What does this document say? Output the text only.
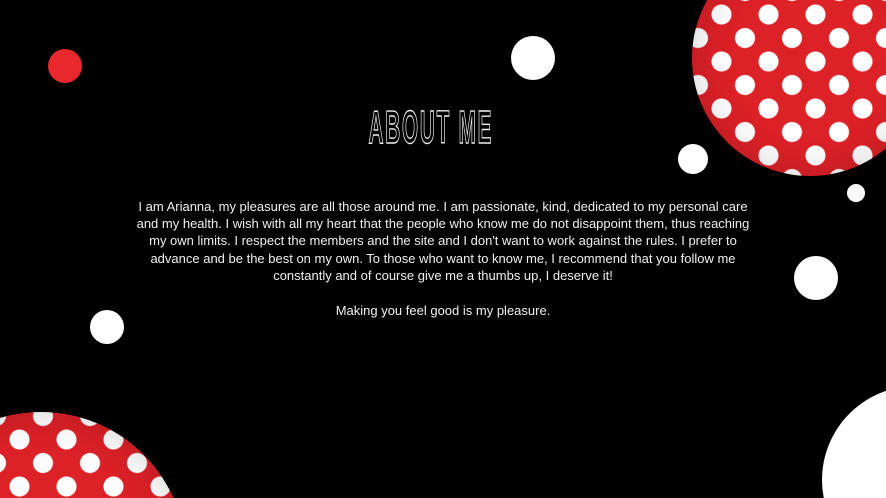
ABOUT ME
I am Arianna, my pleasures are all those around me. I am passionate, kind, dedicated to my personal care and my health. I wish with all my heart that the people who know me do not disappoint them, thus reaching my own limits. I respect the members and the site and I don't want to work against the rules. I prefer to advance and be the best on my own. To those who want to know me, I recommend that you follow me constantly and of course give me a thumbs up, I deserve it!
Making you feel good is my pleasure.
